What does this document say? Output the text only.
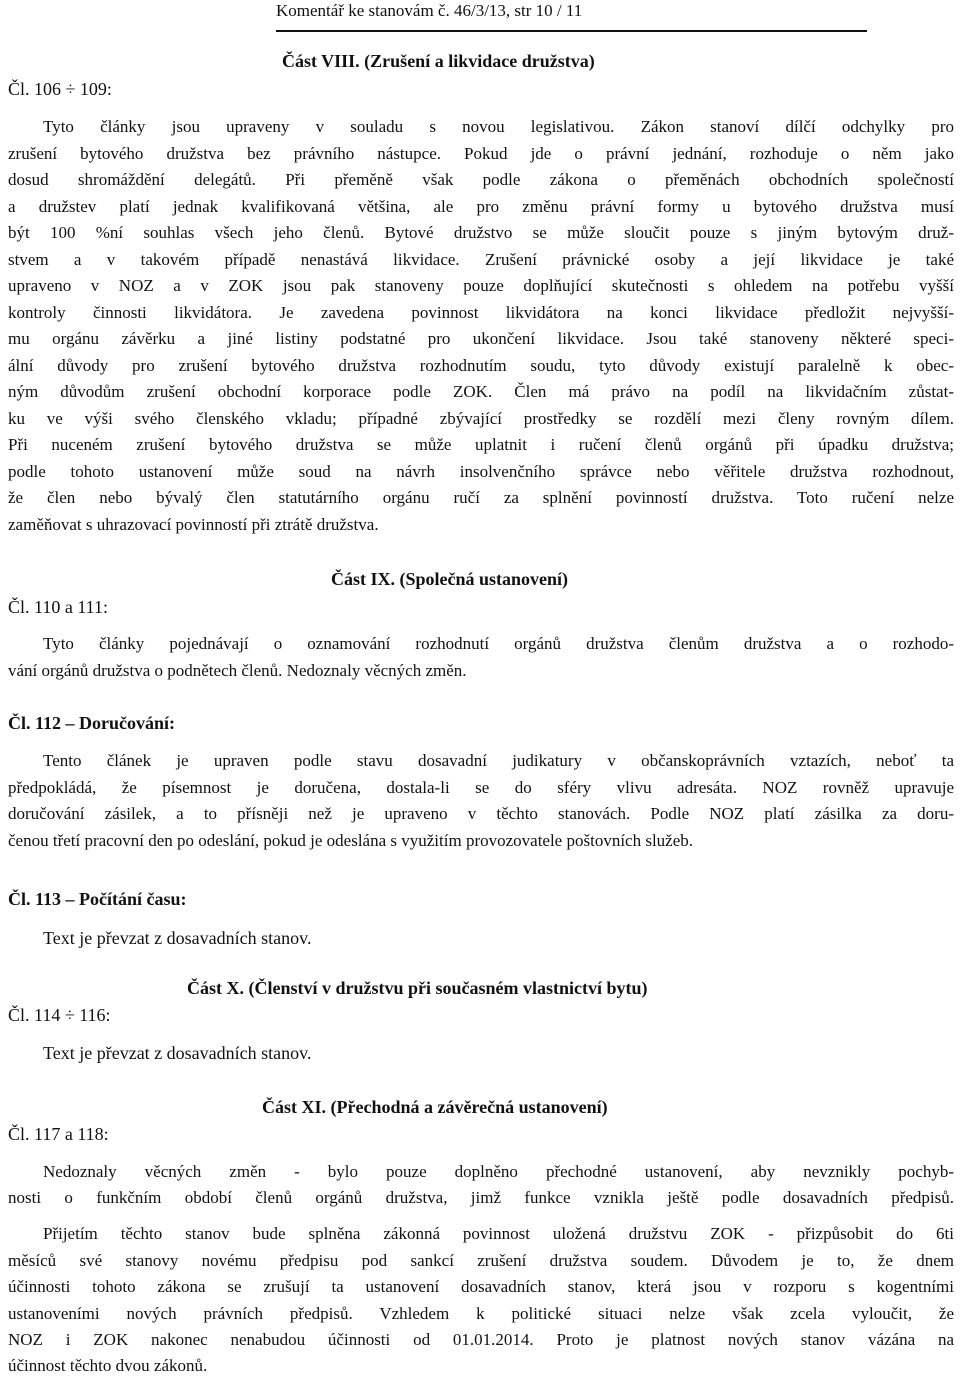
Komentář ke stanovám č. 46/3/13, str 10 / 11
Část VIII. (Zrušení a likvidace družstva)
Čl. 106 ÷ 109:
Tyto články jsou upraveny v souladu s novou legislativou. Zákon stanoví dílčí odchylky pro
zrušení bytového družstva bez právního nástupce. Pokud jde o právní jednání, rozhoduje o něm jako
dosud shromáždění delegátů. Při přeměně však podle zákona o přeměnách obchodních společností
a družstev platí jednak kvalifikovaná většina, ale pro změnu právní formy u bytového družstva musí
být 100 %ní souhlas všech jeho členů. Bytové družstvo se může sloučit pouze s jiným bytovým druž-
stvem a v takovém případě nenastává likvidace. Zrušení právnické osoby a její likvidace je také
upraveno v NOZ a v ZOK jsou pak stanoveny pouze doplňující skutečnosti s ohledem na potřebu vyšší
kontroly činnosti likvidátora. Je zavedena povinnost likvidátora na konci likvidace předložit nejvyšší-
mu orgánu závěrku a jiné listiny podstatné pro ukončení likvidace. Jsou také stanoveny některé speci-
ální důvody pro zrušení bytového družstva rozhodnutím soudu, tyto důvody existují paralelně k obec-
ným důvodům zrušení obchodní korporace podle ZOK. Člen má právo na podíl na likvidačním zůstat-
ku ve výši svého členského vkladu; případné zbývající prostředky se rozdělí mezi členy rovným dílem.
Při nuceném zrušení bytového družstva se může uplatnit i ručení členů orgánů při úpadku družstva;
podle tohoto ustanovení může soud na návrh insolvenčního správce nebo věřitele družstva rozhodnout,
že člen nebo bývalý člen statutárního orgánu ručí za splnění povinností družstva. Toto ručení nelze
zaměňovat s uhrazovací povinností při ztrátě družstva.
Část IX. (Společná ustanovení)
Čl. 110 a 111:
Tyto články pojednávají o oznamování rozhodnutí orgánů družstva členům družstva a o rozhodo-
vání orgánů družstva o podnětech členů. Nedoznaly věcných změn.
Čl. 112 – Doručování:
Tento článek je upraven podle stavu dosavadní judikatury v občanskoprávních vztazích, neboť ta
předpokládá, že písemnost je doručena, dostala-li se do sféry vlivu adresáta. NOZ rovněž upravuje
doručování zásilek, a to přísněji než je upraveno v těchto stanovách. Podle NOZ platí zásilka za doru-
čenou třetí pracovní den po odeslání, pokud je odeslána s využitím provozovatele poštovních služeb.
Čl. 113 – Počítání času:
Text je převzat z dosavadních stanov.
Část X. (Členství v družstvu při současném vlastnictví bytu)
Čl. 114 ÷ 116:
Text je převzat z dosavadních stanov.
Část XI. (Přechodná a závěrečná ustanovení)
Čl. 117 a 118:
Nedoznaly věcných změn - bylo pouze doplněno přechodné ustanovení, aby nevznikly pochyb-
nosti o funkčním období členů orgánů družstva, jimž funkce vznikla ještě podle dosavadních předpisů.
Přijetím těchto stanov bude splněna zákonná povinnost uložená družstvu ZOK - přizpůsobit do 6ti
měsíců své stanovy novému předpisu pod sankcí zrušení družstva soudem. Důvodem je to, že dnem
účinnosti tohoto zákona se zrušují ta ustanovení dosavadních stanov, která jsou v rozporu s kogentními
ustanoveními nových právních předpisů. Vzhledem k politické situaci nelze však zcela vyloučit, že
NOZ i ZOK nakonec nenabudou účinnosti od 01.01.2014. Proto je platnost nových stanov vázána na
účinnost těchto dvou zákonů.
